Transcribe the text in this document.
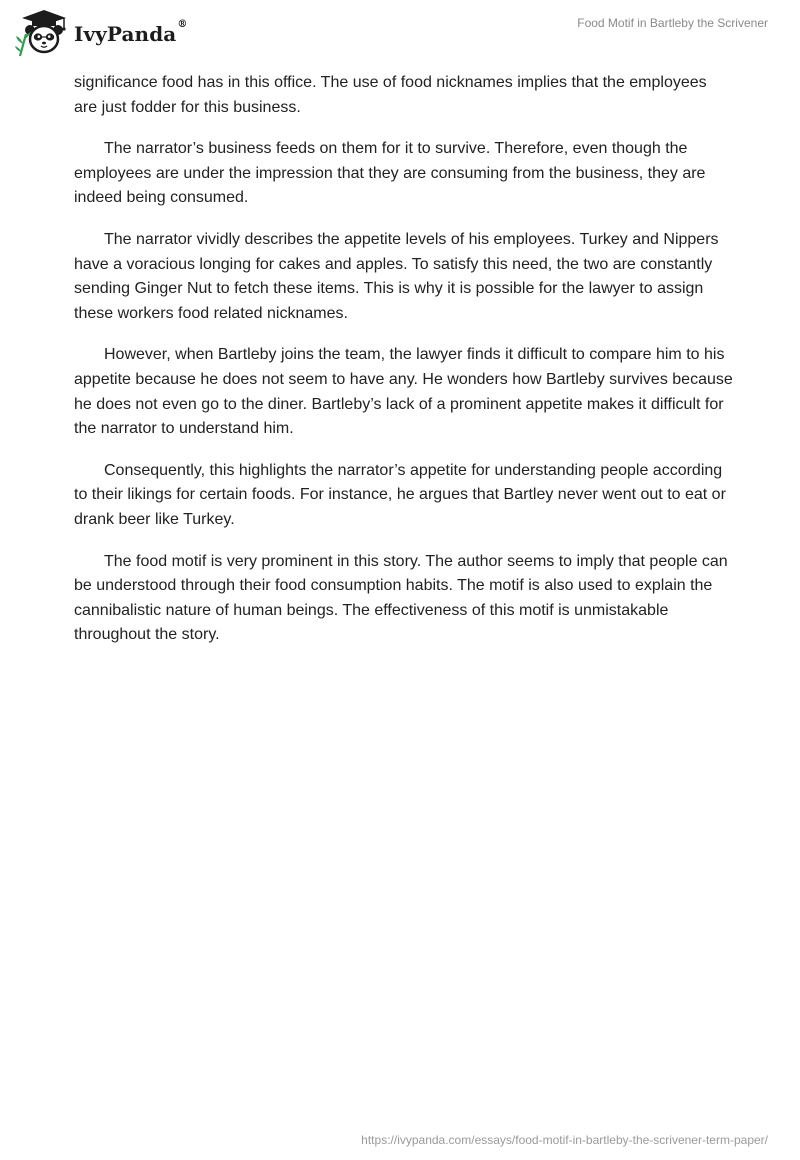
IvyPanda®	Food Motif in Bartleby the Scrivener

significance food has in this office. The use of food nicknames implies that the employees are just fodder for this business.

The narrator’s business feeds on them for it to survive. Therefore, even though the employees are under the impression that they are consuming from the business, they are indeed being consumed.

The narrator vividly describes the appetite levels of his employees. Turkey and Nippers have a voracious longing for cakes and apples. To satisfy this need, the two are constantly sending Ginger Nut to fetch these items. This is why it is possible for the lawyer to assign these workers food related nicknames.

However, when Bartleby joins the team, the lawyer finds it difficult to compare him to his appetite because he does not seem to have any. He wonders how Bartleby survives because he does not even go to the diner. Bartleby’s lack of a prominent appetite makes it difficult for the narrator to understand him.

Consequently, this highlights the narrator’s appetite for understanding people according to their likings for certain foods. For instance, he argues that Bartley never went out to eat or drank beer like Turkey.

The food motif is very prominent in this story. The author seems to imply that people can be understood through their food consumption habits. The motif is also used to explain the cannibalistic nature of human beings. The effectiveness of this motif is unmistakable throughout the story.

https://ivypanda.com/essays/food-motif-in-bartleby-the-scrivener-term-paper/
